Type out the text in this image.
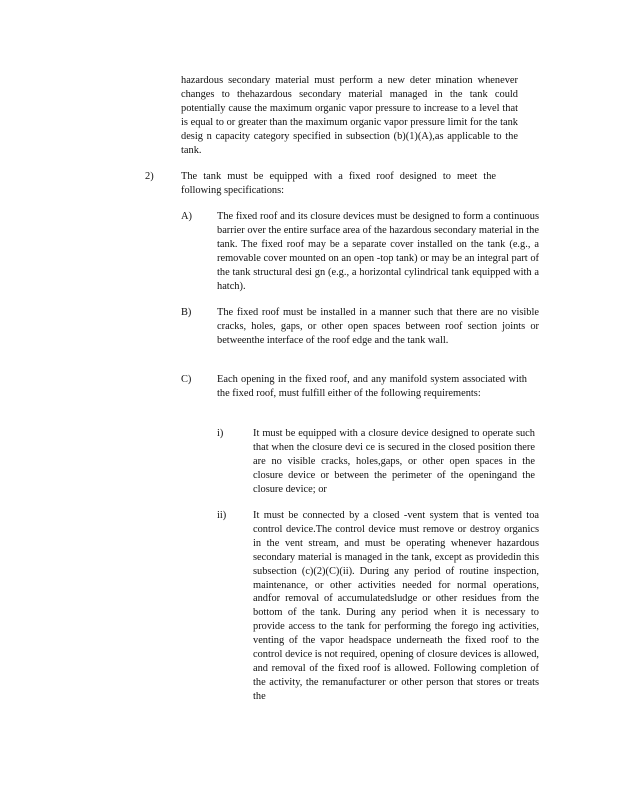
hazardous secondary material must perform a new deter mination whenever changes to thehazardous secondary material managed in the tank could potentially cause the maximum organic vapor pressure to increase to a level that is equal to or greater than the maximum organic vapor pressure limit for the tank desig n capacity category specified in subsection (b)(1)(A),as applicable to the tank.

2)	The tank must be equipped with a fixed roof designed to meet the following specifications:

A) The fixed roof and its closure devices must be designed to form a continuous barrier over the entire surface area of the hazardous secondary material in the tank. The fixed roof may be a separate cover installed on the tank (e.g., a removable cover mounted on an open -top tank) or may be an integral part of the tank structural desi gn (e.g., a horizontal cylindrical tank equipped with a hatch).

B) The fixed roof must be installed in a manner such that there are no visible cracks, holes, gaps, or other open spaces between roof section joints or betweenthe interface of the roof edge and the tank wall.

C) Each opening in the fixed roof, and any manifold system associated with the fixed roof, must fulfill either of the following requirements:

i)	It must be equipped with a closure device designed to operate such that when the closure devi ce is secured in the closed position there are no visible cracks, holes,gaps, or other open spaces in the closure device or between the perimeter of the openingand the closure device; or

ii)	It must be connected by a closed -vent system that is vented toa control device.The control device must remove or destroy organics in the vent stream, and must be operating whenever hazardous secondary material is managed in the tank, except as providedin this subsection (c)(2)(C)(ii). During any period of routine inspection, maintenance, or other activities needed for normal operations, andfor removal of accumulatedsludge or other residues from the bottom of the tank. During any period when it is necessary to provide access to the tank for performing the forego ing activities, venting of the vapor headspace underneath the fixed roof to the control device is not required, opening of closure devices is allowed, and removal of the fixed roof is allowed. Following completion of the activity, the remanufacturer or other person that stores or treats the
